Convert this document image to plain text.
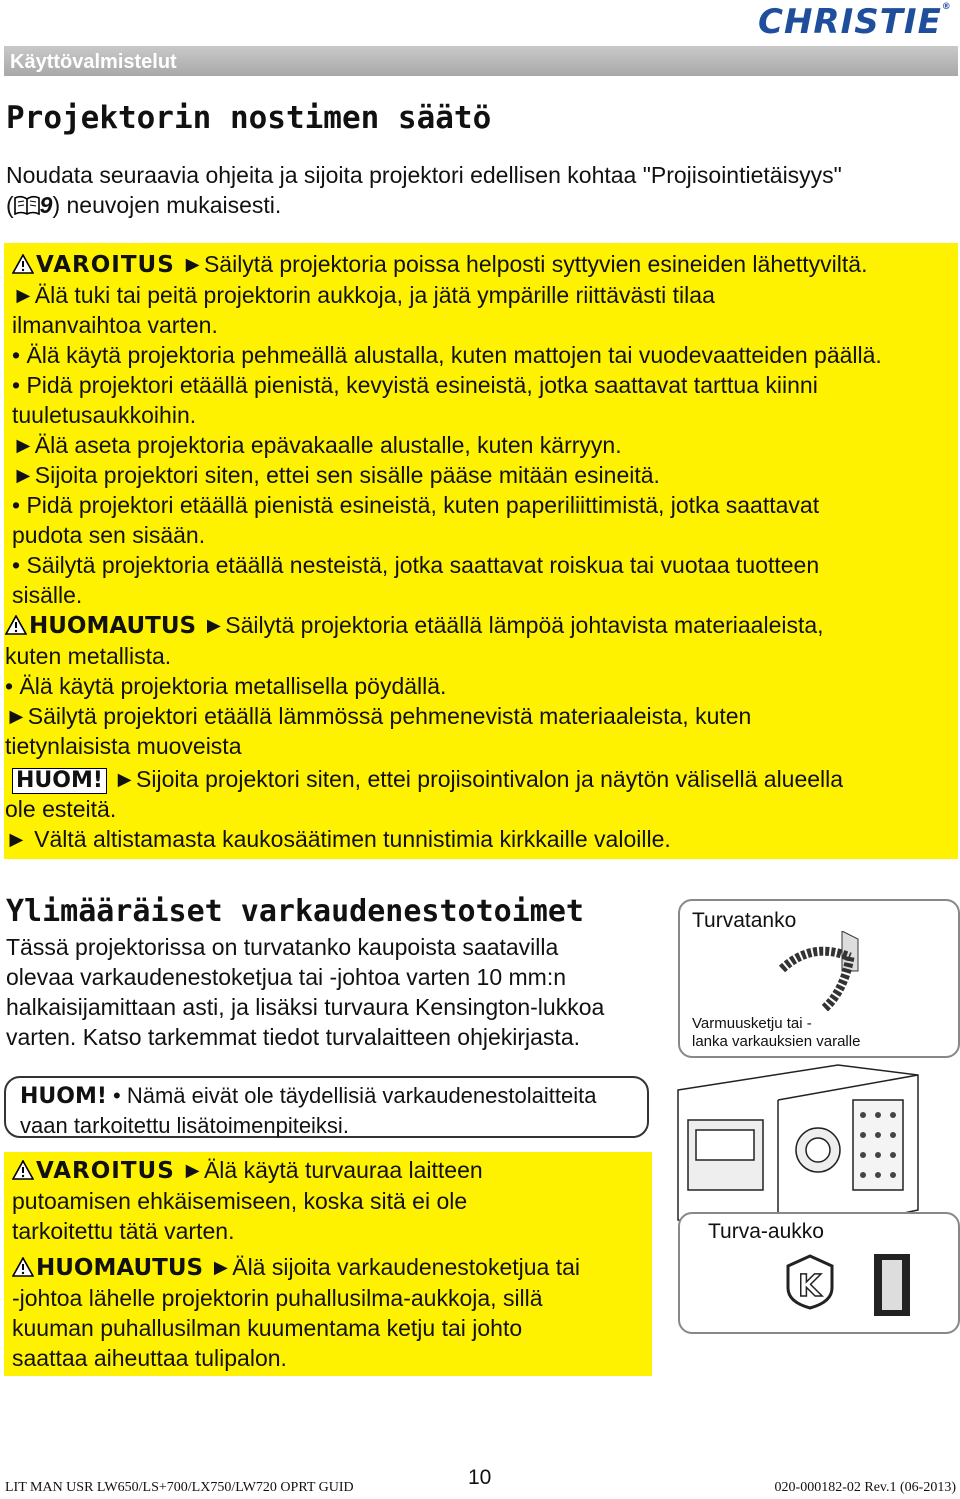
CHRISTIE®
Käyttövalmistelut
Projektorin nostimen säätö
Noudata seuraavia ohjeita ja sijoita projektori edellisen kohtaa "Projisointietäisyys"
( 9) neuvojen mukaisesti.

VAROITUS ►Säilytä projektoria poissa helposti syttyvien esineiden lähettyviltä.

►Älä tuki tai peitä projektorin aukkoja, ja jätä ympärille riittävästi tilaa

ilmanvaihtoa varten.

• Älä käytä projektoria pehmeällä alustalla, kuten mattojen tai vuodevaatteiden päällä.

• Pidä projektori etäällä pienistä, kevyistä esineistä, jotka saattavat tarttua kiinni

tuuletusaukkoihin.

►Älä aseta projektoria epävakaalle alustalle, kuten kärryyn.

►Sijoita projektori siten, ettei sen sisälle pääse mitään esineitä.

• Pidä projektori etäällä pienistä esineistä, kuten paperiliittimistä, jotka saattavat

pudota sen sisään.

• Säilytä projektoria etäällä nesteistä, jotka saattavat roiskua tai vuotaa tuotteen

sisälle.

HUOMAUTUS ►Säilytä projektoria etäällä lämpöä johtavista materiaaleista,

kuten metallista.

• Älä käytä projektoria metallisella pöydällä.

►Säilytä projektori etäällä lämmössä pehmenevistä materiaaleista, kuten

tietynlaisista muoveista

HUOM! ►Sijoita projektori siten, ettei projisointivalon ja näytön välisellä alueella

ole esteitä.

► Vältä altistamasta kaukosäätimen tunnistimia kirkkaille valoille.

Ylimääräiset varkaudenestotoimet
Tässä projektorissa on turvatanko kaupoista saatavilla
olevaa varkaudenestoketjua tai -johtoa varten 10 mm:n
halkaisijamittaan asti, ja lisäksi turvaura Kensington-lukkoa
varten. Katso tarkemmat tiedot turvalaitteen ohjekirjasta.
HUOM! • Nämä eivät ole täydellisiä varkaudenestolaitteita
vaan tarkoitettu lisätoimenpiteiksi.

VAROITUS ►Älä käytä turvauraa laitteen

putoamisen ehkäisemiseen, koska sitä ei ole

tarkoitettu tätä varten.

HUOMAUTUS ►Älä sijoita varkaudenestoketjua tai

-johtoa lähelle projektorin puhallusilma-aukkoja, sillä

kuuman puhallusilman kuumentama ketju tai johto

saattaa aiheuttaa tulipalon.

Turvatanko
Varmuusketju tai -
lanka varkauksien varalle
Turva-aukko
K
LIT MAN USR LW650/LS+700/LX750/LW720 OPRT GUID	10	020-000182-02 Rev.1 (06-2013)
